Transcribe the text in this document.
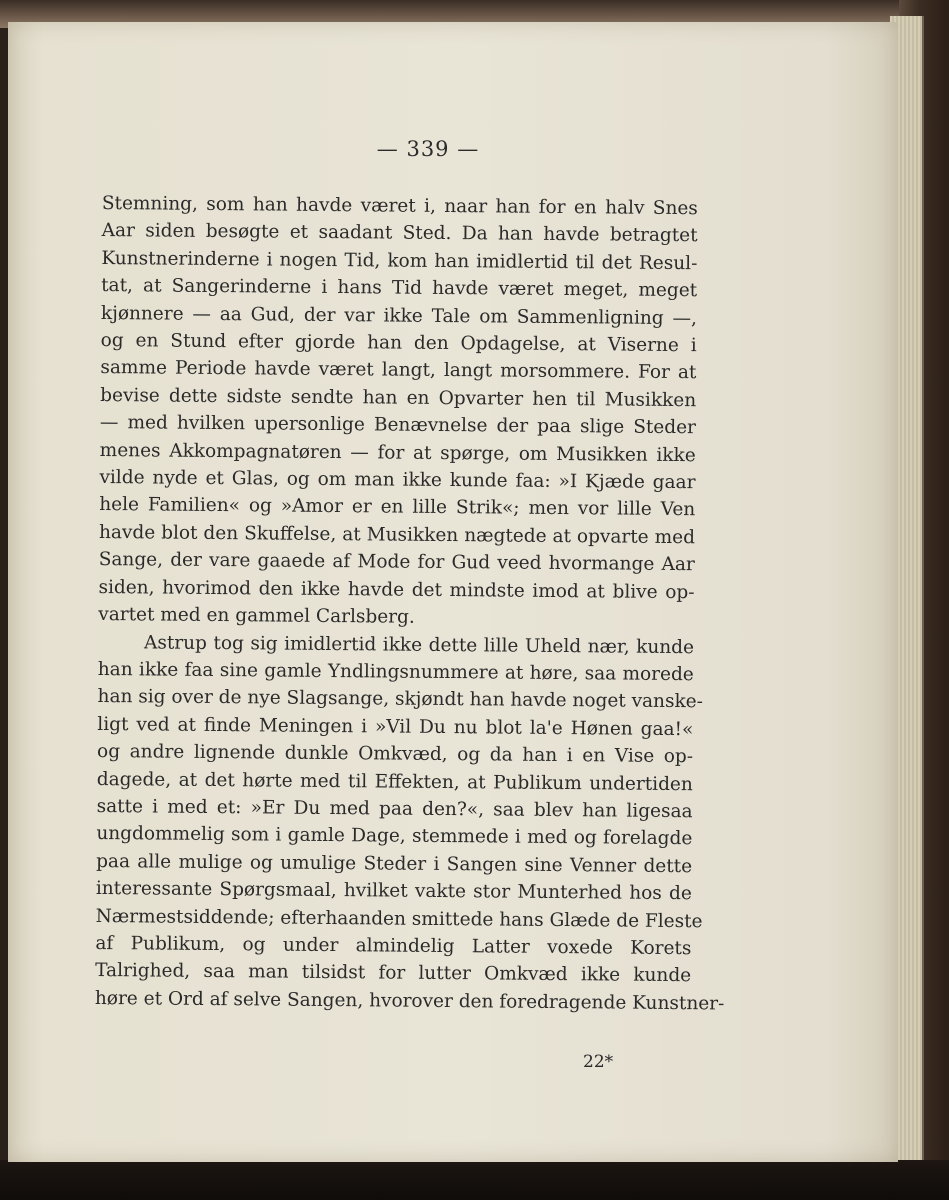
— 339 —
Stemning, som han havde været i, naar han for en halv Snes
Aar siden besøgte et saadant Sted. Da han havde betragtet
Kunstnerinderne i nogen Tid, kom han imidlertid til det Resul-
tat, at Sangerinderne i hans Tid havde været meget, meget
kjønnere — aa Gud, der var ikke Tale om Sammenligning —,
og en Stund efter gjorde han den Opdagelse, at Viserne i
samme Periode havde været langt, langt morsommere. For at
bevise dette sidste sendte han en Opvarter hen til Musikken
— med hvilken upersonlige Benævnelse der paa slige Steder
menes Akkompagnatøren — for at spørge, om Musikken ikke
vilde nyde et Glas, og om man ikke kunde faa: »I Kjæde gaar
hele Familien« og »Amor er en lille Strik«; men vor lille Ven
havde blot den Skuffelse, at Musikken nægtede at opvarte med
Sange, der vare gaaede af Mode for Gud veed hvormange Aar
siden, hvorimod den ikke havde det mindste imod at blive op-
vartet med en gammel Carlsberg.
Astrup tog sig imidlertid ikke dette lille Uheld nær, kunde
han ikke faa sine gamle Yndlingsnummere at høre, saa morede
han sig over de nye Slagsange, skjøndt han havde noget vanske-
ligt ved at finde Meningen i »Vil Du nu blot la'e Hønen gaa!«
og andre lignende dunkle Omkvæd, og da han i en Vise op-
dagede, at det hørte med til Effekten, at Publikum undertiden
satte i med et: »Er Du med paa den?«, saa blev han ligesaa
ungdommelig som i gamle Dage, stemmede i med og forelagde
paa alle mulige og umulige Steder i Sangen sine Venner dette
interessante Spørgsmaal, hvilket vakte stor Munterhed hos de
Nærmestsiddende; efterhaanden smittede hans Glæde de Fleste
af Publikum, og under almindelig Latter voxede Korets
Talrighed, saa man tilsidst for lutter Omkvæd ikke kunde
høre et Ord af selve Sangen, hvorover den foredragende Kunstner-
22*
